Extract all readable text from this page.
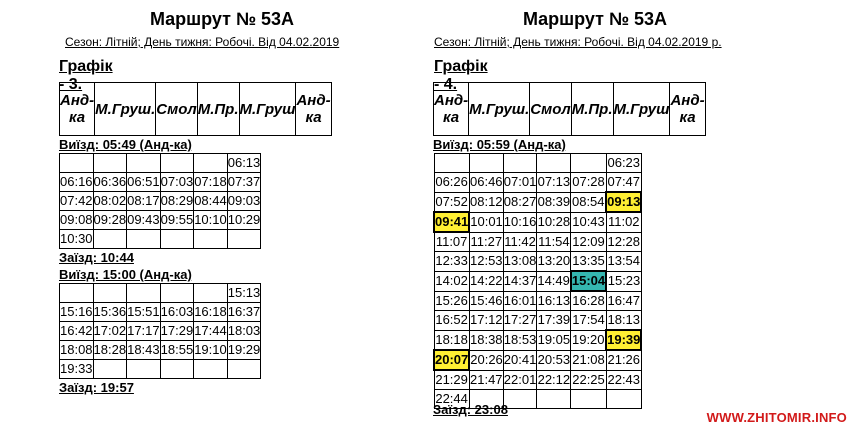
Маршрут № 53А
Сезон: Літній; День тижня: Робочі. Від 04.02.2019
Графік - 3.
Анд-ка	М.Груш.	Смол	М.Пр.	М.Груш	Анд-ка
Виїзд: 05:49 (Анд-ка)
					06:13
06:16	06:36	06:51	07:03	07:18	07:37
07:42	08:02	08:17	08:29	08:44	09:03
09:08	09:28	09:43	09:55	10:10	10:29
10:30					
Заїзд: 10:44
Виїзд: 15:00 (Анд-ка)
					15:13
15:16	15:36	15:51	16:03	16:18	16:37
16:42	17:02	17:17	17:29	17:44	18:03
18:08	18:28	18:43	18:55	19:10	19:29
19:33					
Заїзд: 19:57
Маршрут № 53А
Сезон: Літній; День тижня: Робочі. Від 04.02.2019 р.
Графік - 4.
Анд-ка	М.Груш.	Смол	М.Пр.	М.Груш	Анд-ка
Виїзд: 05:59 (Анд-ка)
					06:23
06:26	06:46	07:01	07:13	07:28	07:47
07:52	08:12	08:27	08:39	08:54	09:13
09:41	10:01	10:16	10:28	10:43	11:02
11:07	11:27	11:42	11:54	12:09	12:28
12:33	12:53	13:08	13:20	13:35	13:54
14:02	14:22	14:37	14:49	15:04	15:23
15:26	15:46	16:01	16:13	16:28	16:47
16:52	17:12	17:27	17:39	17:54	18:13
18:18	18:38	18:53	19:05	19:20	19:39
20:07	20:26	20:41	20:53	21:08	21:26
21:29	21:47	22:01	22:12	22:25	22:43
22:44					
Заїзд: 23:08
WWW.ZHITOMIR.INFO
